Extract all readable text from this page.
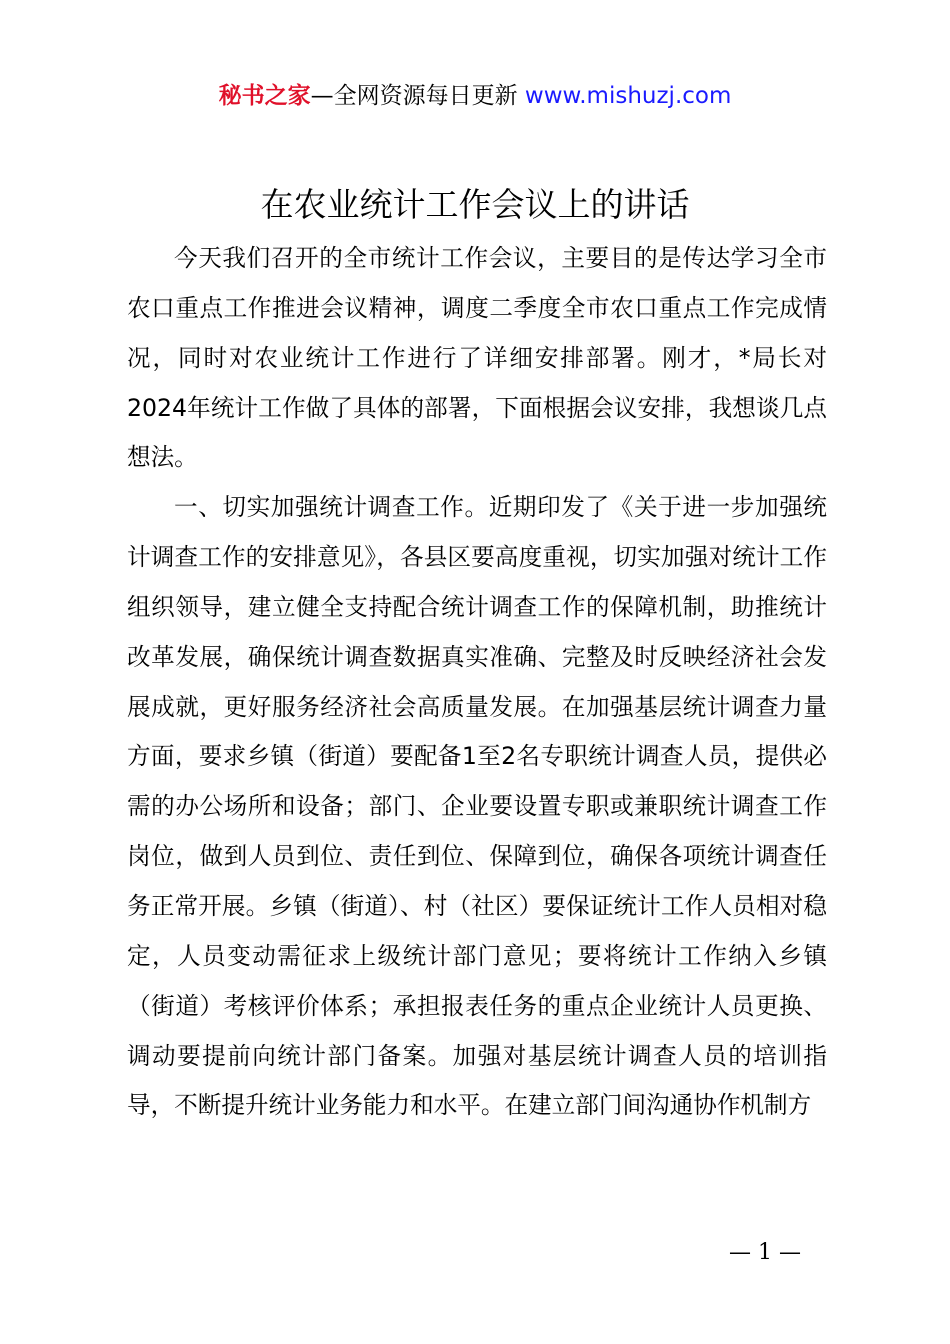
秘书之家—全网资源每日更新 www.mishuzj.com
在农业统计工作会议上的讲话

今天我们召开的全市统计工作会议，主要目的是传达学习全市农口重点工作推进会议精神，调度二季度全市农口重点工作完成情况，同时对农业统计工作进行了详细安排部署。刚才，*局长对2024年统计工作做了具体的部署，下面根据会议安排，我想谈几点想法。

一、切实加强统计调查工作。近期印发了《关于进一步加强统计调查工作的安排意见》，各县区要高度重视，切实加强对统计工作组织领导，建立健全支持配合统计调查工作的保障机制，助推统计改革发展，确保统计调查数据真实准确、完整及时反映经济社会发展成就，更好服务经济社会高质量发展。在加强基层统计调查力量方面，要求乡镇（街道）要配备1至2名专职统计调查人员，提供必需的办公场所和设备；部门、企业要设置专职或兼职统计调查工作岗位，做到人员到位、责任到位、保障到位，确保各项统计调查任务正常开展。乡镇（街道）、村（社区）要保证统计工作人员相对稳定，人员变动需征求上级统计部门意见；要将统计工作纳入乡镇（街道）考核评价体系；承担报表任务的重点企业统计人员更换、调动要提前向统计部门备案。加强对基层统计调查人员的培训指导，不断提升统计业务能力和水平。在建立部门间沟通协作机制方

— 1 —
